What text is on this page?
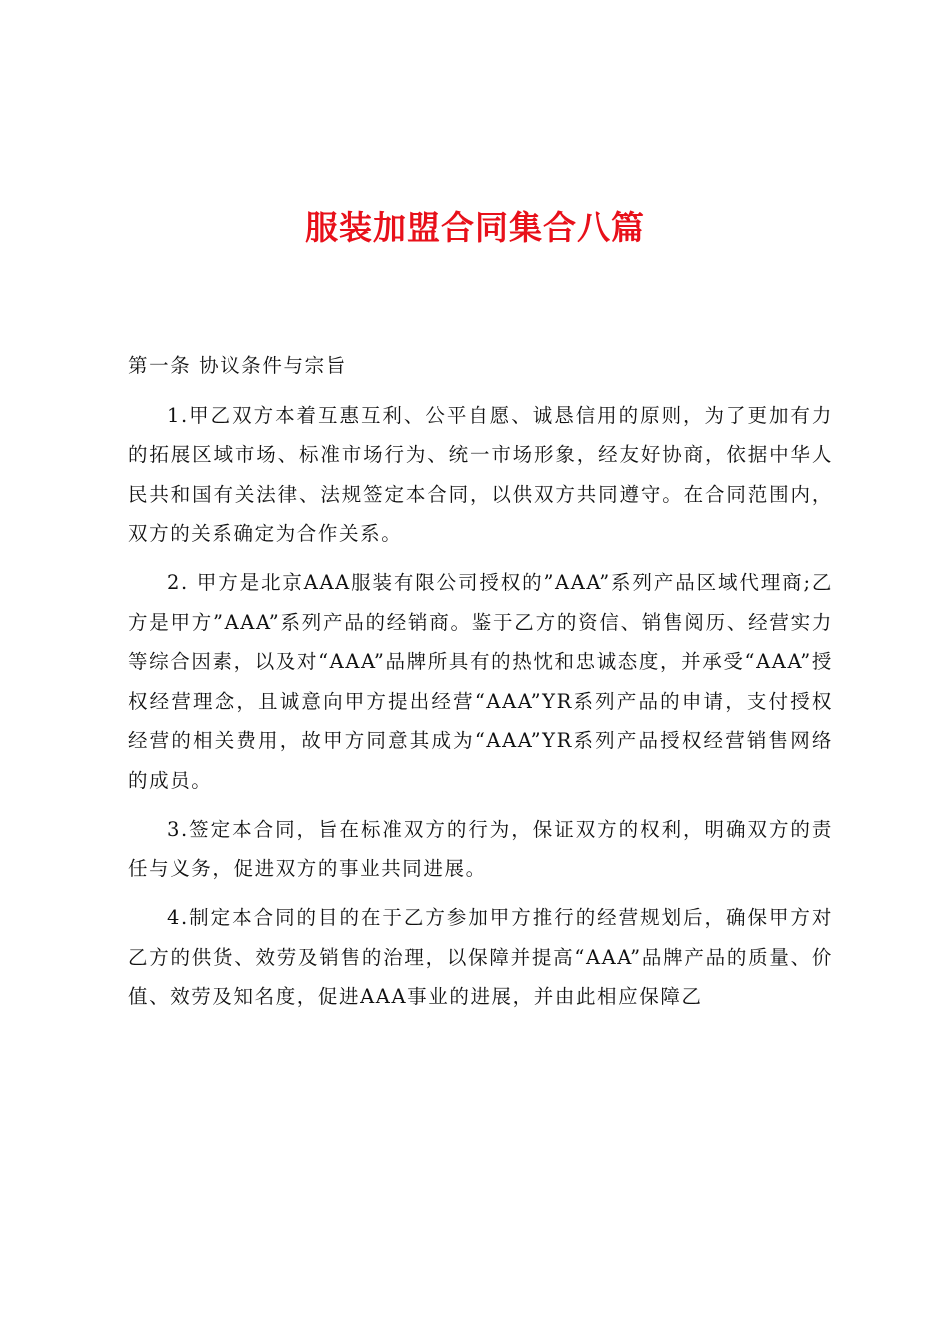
服装加盟合同集合八篇

第一条 协议条件与宗旨

1.甲乙双方本着互惠互利、公平自愿、诚恳信用的原则，为了更加有力的拓展区域市场、标准市场行为、统一市场形象，经友好协商，依据中华人民共和国有关法律、法规签定本合同，以供双方共同遵守。在合同范围内，双方的关系确定为合作关系。

2. 甲方是北京AAA服装有限公司授权的”AAA”系列产品区域代理商;乙方是甲方”AAA”系列产品的经销商。鉴于乙方的资信、销售阅历、经营实力等综合因素，以及对“AAA”品牌所具有的热忱和忠诚态度，并承受“AAA”授权经营理念，且诚意向甲方提出经营“AAA”YR系列产品的申请，支付授权经营的相关费用，故甲方同意其成为“AAA”YR系列产品授权经营销售网络的成员。

3.签定本合同，旨在标准双方的行为，保证双方的权利，明确双方的责任与义务，促进双方的事业共同进展。

4.制定本合同的目的在于乙方参加甲方推行的经营规划后，确保甲方对乙方的供货、效劳及销售的治理，以保障并提高“AAA”品牌产品的质量、价值、效劳及知名度，促进AAA事业的进展，并由此相应保障乙
